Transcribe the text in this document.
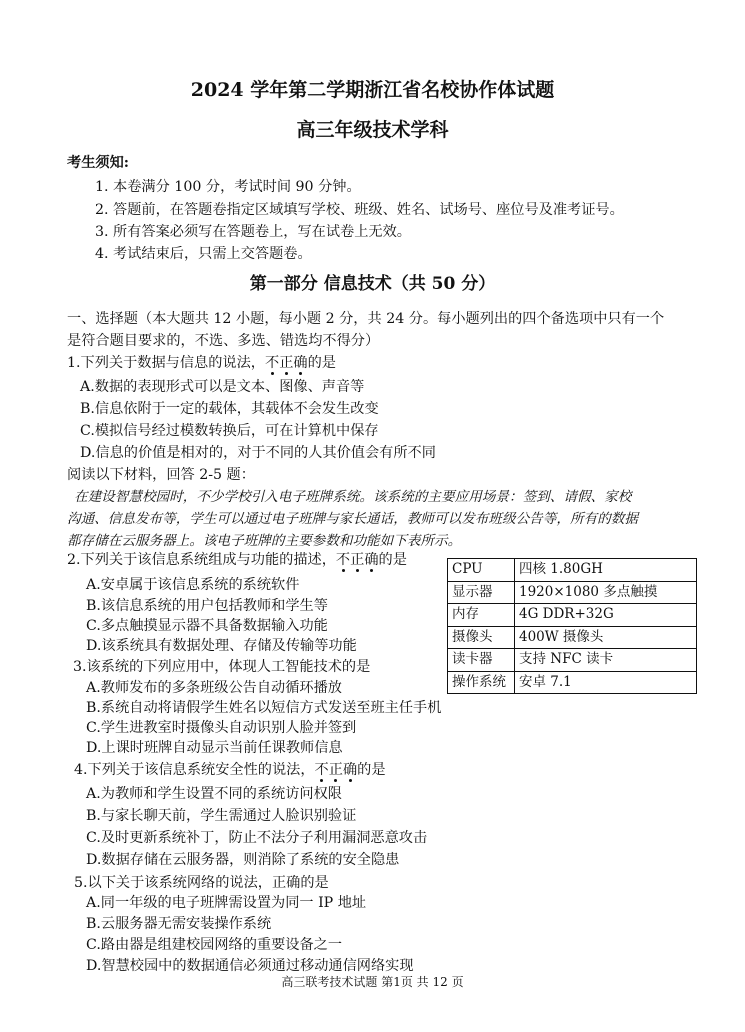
2024 学年第二学期浙江省名校协作体试题
高三年级技术学科
考生须知:
1. 本卷满分 100 分，考试时间 90 分钟。
2. 答题前，在答题卷指定区域填写学校、班级、姓名、试场号、座位号及准考证号。
3. 所有答案必须写在答题卷上，写在试卷上无效。
4. 考试结束后，只需上交答题卷。
第一部分 信息技术（共 50 分）
一、选择题（本大题共 12 小题，每小题 2 分，共 24 分。每小题列出的四个备选项中只有一个
是符合题目要求的，不选、多选、错选均不得分）
1.下列关于数据与信息的说法，不正确的是
A.数据的表现形式可以是文本、图像、声音等
B.信息依附于一定的载体，其载体不会发生改变
C.模拟信号经过模数转换后，可在计算机中保存
D.信息的价值是相对的，对于不同的人其价值会有所不同
阅读以下材料，回答 2-5 题：
在建设智慧校园时，不少学校引入电子班牌系统。该系统的主要应用场景：签到、请假、家校
沟通、信息发布等，学生可以通过电子班牌与家长通话，教师可以发布班级公告等，所有的数据
都存储在云服务器上。该电子班牌的主要参数和功能如下表所示。
CPU	四核 1.80GH
显示器	1920×1080 多点触摸
内存	4G DDR+32G
摄像头	400W 摄像头
读卡器	支持 NFC 读卡
操作系统	安卓 7.1
2.下列关于该信息系统组成与功能的描述，不正确的是
A.安卓属于该信息系统的系统软件
B.该信息系统的用户包括教师和学生等
C.多点触摸显示器不具备数据输入功能
D.该系统具有数据处理、存储及传输等功能
3.该系统的下列应用中，体现人工智能技术的是
A.教师发布的多条班级公告自动循环播放
B.系统自动将请假学生姓名以短信方式发送至班主任手机
C.学生进教室时摄像头自动识别人脸并签到
D.上课时班牌自动显示当前任课教师信息
4.下列关于该信息系统安全性的说法，不正确的是
A.为教师和学生设置不同的系统访问权限
B.与家长聊天前，学生需通过人脸识别验证
C.及时更新系统补丁，防止不法分子利用漏洞恶意攻击
D.数据存储在云服务器，则消除了系统的安全隐患
5.以下关于该系统网络的说法，正确的是
A.同一年级的电子班牌需设置为同一 IP 地址
B.云服务器无需安装操作系统
C.路由器是组建校园网络的重要设备之一
D.智慧校园中的数据通信必须通过移动通信网络实现
高三联考技术试题 第1页 共 12 页
